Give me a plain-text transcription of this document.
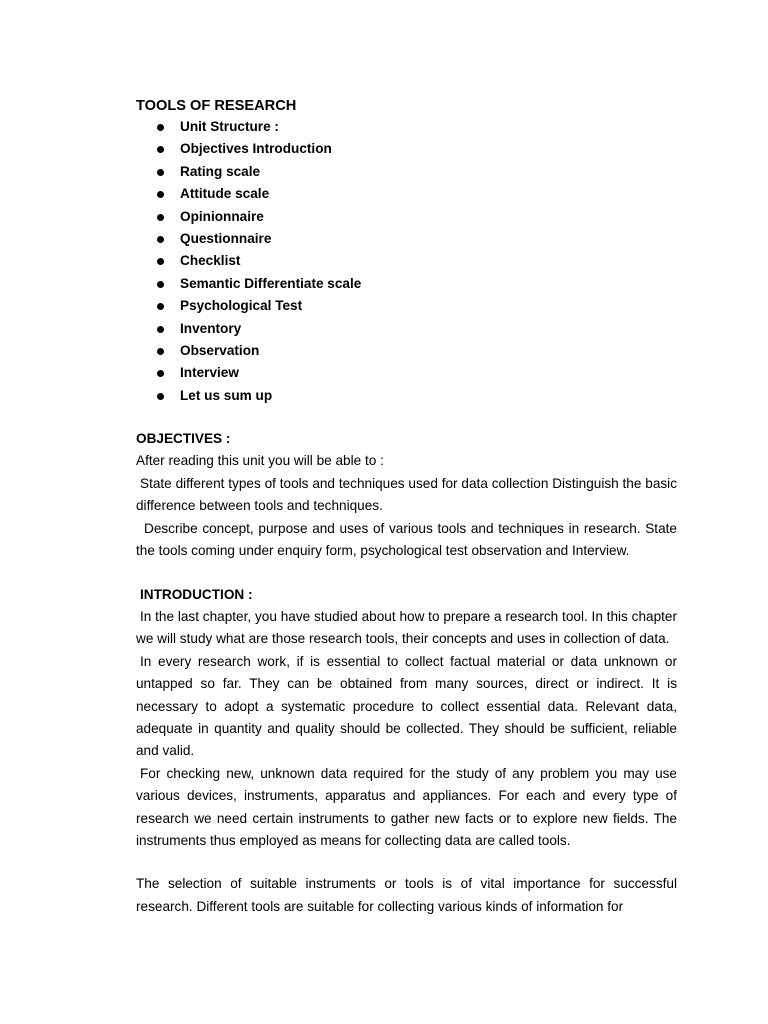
TOOLS OF RESEARCH
Unit Structure :
Objectives Introduction
Rating scale
Attitude scale
Opinionnaire
Questionnaire
Checklist
Semantic Differentiate scale
Psychological Test
Inventory
Observation
Interview
Let us sum up

OBJECTIVES :

After reading this unit you will be able to :

State different types of tools and techniques used for data collection Distinguish the basic difference between tools and techniques.

Describe concept, purpose and uses of various tools and techniques in research. State the tools coming under enquiry form, psychological test observation and Interview.

INTRODUCTION :

In the last chapter, you have studied about how to prepare a research tool. In this chapter we will study what are those research tools, their concepts and uses in collection of data.

In every research work, if is essential to collect factual material or data unknown or untapped so far. They can be obtained from many sources, direct or indirect. It is necessary to adopt a systematic procedure to collect essential data. Relevant data, adequate in quantity and quality should be collected. They should be sufficient, reliable and valid.

For checking new, unknown data required for the study of any problem you may use various devices, instruments, apparatus and appliances. For each and every type of research we need certain instruments to gather new facts or to explore new fields. The instruments thus employed as means for collecting data are called tools.

The selection of suitable instruments or tools is of vital importance for successful research. Different tools are suitable for collecting various kinds of information for
